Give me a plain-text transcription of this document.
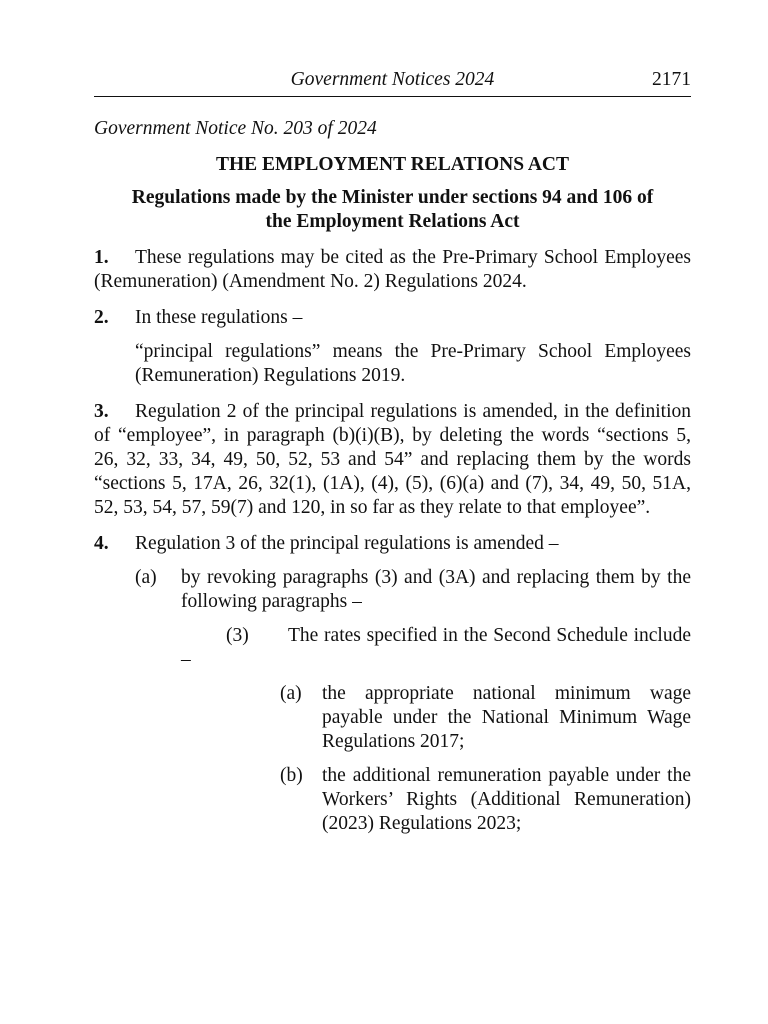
Government Notices 2024	2171

Government Notice No. 203 of 2024

THE EMPLOYMENT RELATIONS ACT

Regulations made by the Minister under sections 94 and 106 of
the Employment Relations Act

1. These regulations may be cited as the Pre-Primary School Employees (Remuneration) (Amendment No. 2) Regulations 2024.

2. In these regulations –

“principal regulations” means the Pre-Primary School Employees (Remuneration) Regulations 2019.

3. Regulation 2 of the principal regulations is amended, in the definition of “employee”, in paragraph (b)(i)(B), by deleting the words “sections 5, 26, 32, 33, 34, 49, 50, 52, 53 and 54” and replacing them by the words “sections 5, 17A, 26, 32(1), (1A), (4), (5), (6)(a) and (7), 34, 49, 50, 51A, 52, 53, 54, 57, 59(7) and 120, in so far as they relate to that employee”.

4.	Regulation 3 of the principal regulations is amended –
(a)	by revoking paragraphs (3) and (3A) and replacing them by the following paragraphs –

(3) The rates specified in the Second Schedule include –

(a)	the appropriate national minimum wage payable under the National Minimum Wage Regulations 2017;
(b) the additional remuneration payable under the Workers’ Rights (Additional Remuneration) (2023) Regulations 2023;
